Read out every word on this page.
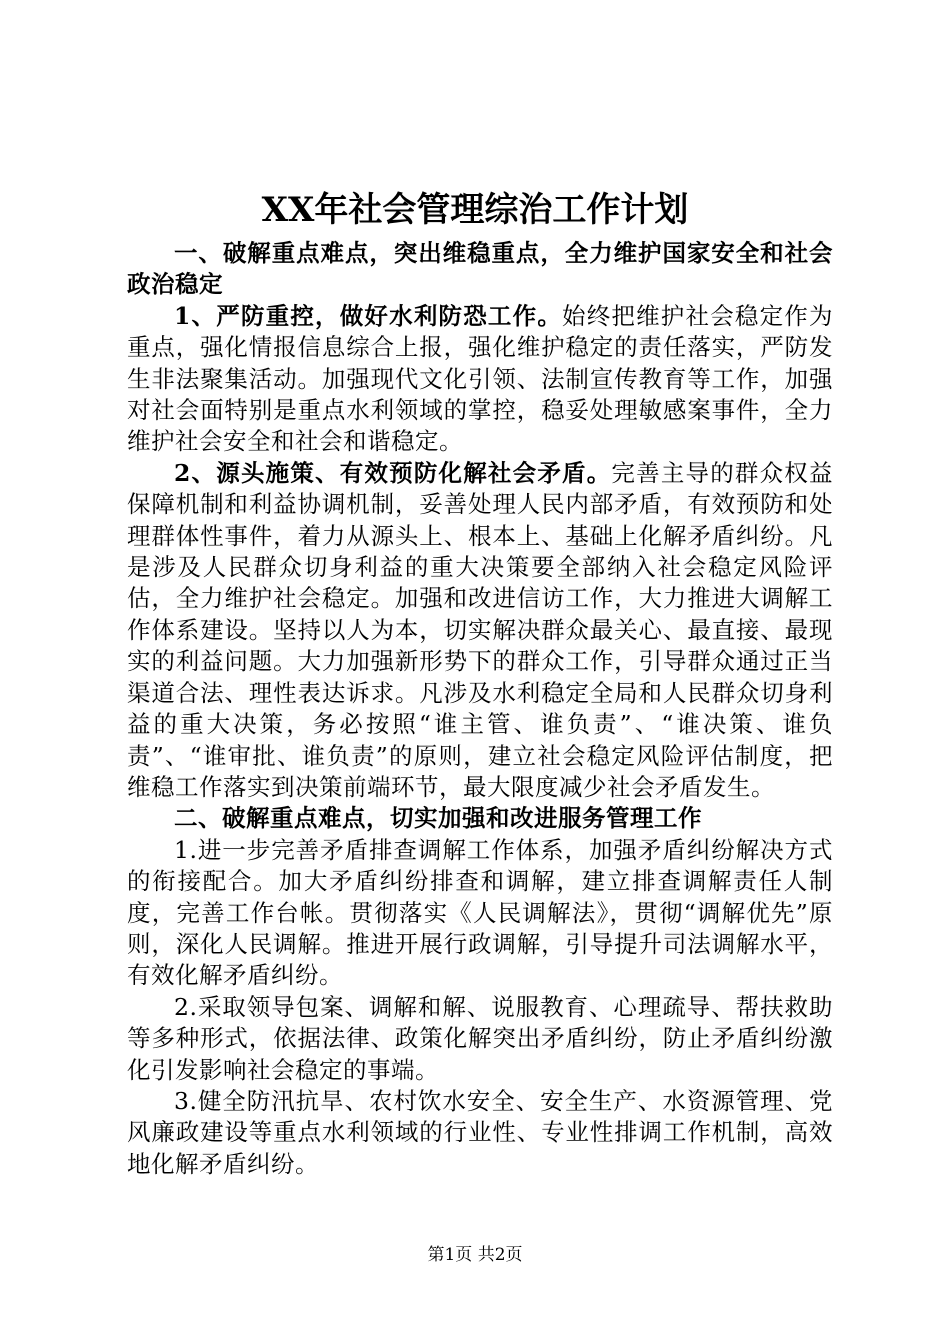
XX年社会管理综治工作计划

一、破解重点难点，突出维稳重点，全力维护国家安全和社会政治稳定

1、严防重控，做好水利防恐工作。始终把维护社会稳定作为重点，强化情报信息综合上报，强化维护稳定的责任落实，严防发生非法聚集活动。加强现代文化引领、法制宣传教育等工作，加强对社会面特别是重点水利领域的掌控，稳妥处理敏感案事件，全力维护社会安全和社会和谐稳定。

2、源头施策、有效预防化解社会矛盾。完善主导的群众权益保障机制和利益协调机制，妥善处理人民内部矛盾，有效预防和处理群体性事件，着力从源头上、根本上、基础上化解矛盾纠纷。凡是涉及人民群众切身利益的重大决策要全部纳入社会稳定风险评估，全力维护社会稳定。加强和改进信访工作，大力推进大调解工作体系建设。坚持以人为本，切实解决群众最关心、最直接、最现实的利益问题。大力加强新形势下的群众工作，引导群众通过正当渠道合法、理性表达诉求。凡涉及水利稳定全局和人民群众切身利益的重大决策，务必按照“谁主管、谁负责”、“谁决策、谁负责”、“谁审批、谁负责”的原则，建立社会稳定风险评估制度，把维稳工作落实到决策前端环节，最大限度减少社会矛盾发生。

二、破解重点难点，切实加强和改进服务管理工作

1.进一步完善矛盾排查调解工作体系，加强矛盾纠纷解决方式的衔接配合。加大矛盾纠纷排查和调解，建立排查调解责任人制度，完善工作台帐。贯彻落实《人民调解法》，贯彻“调解优先”原则，深化人民调解。推进开展行政调解，引导提升司法调解水平，有效化解矛盾纠纷。

2.采取领导包案、调解和解、说服教育、心理疏导、帮扶救助等多种形式，依据法律、政策化解突出矛盾纠纷，防止矛盾纠纷激化引发影响社会稳定的事端。

3.健全防汛抗旱、农村饮水安全、安全生产、水资源管理、党风廉政建设等重点水利领域的行业性、专业性排调工作机制，高效地化解矛盾纠纷。

第1页 共2页
